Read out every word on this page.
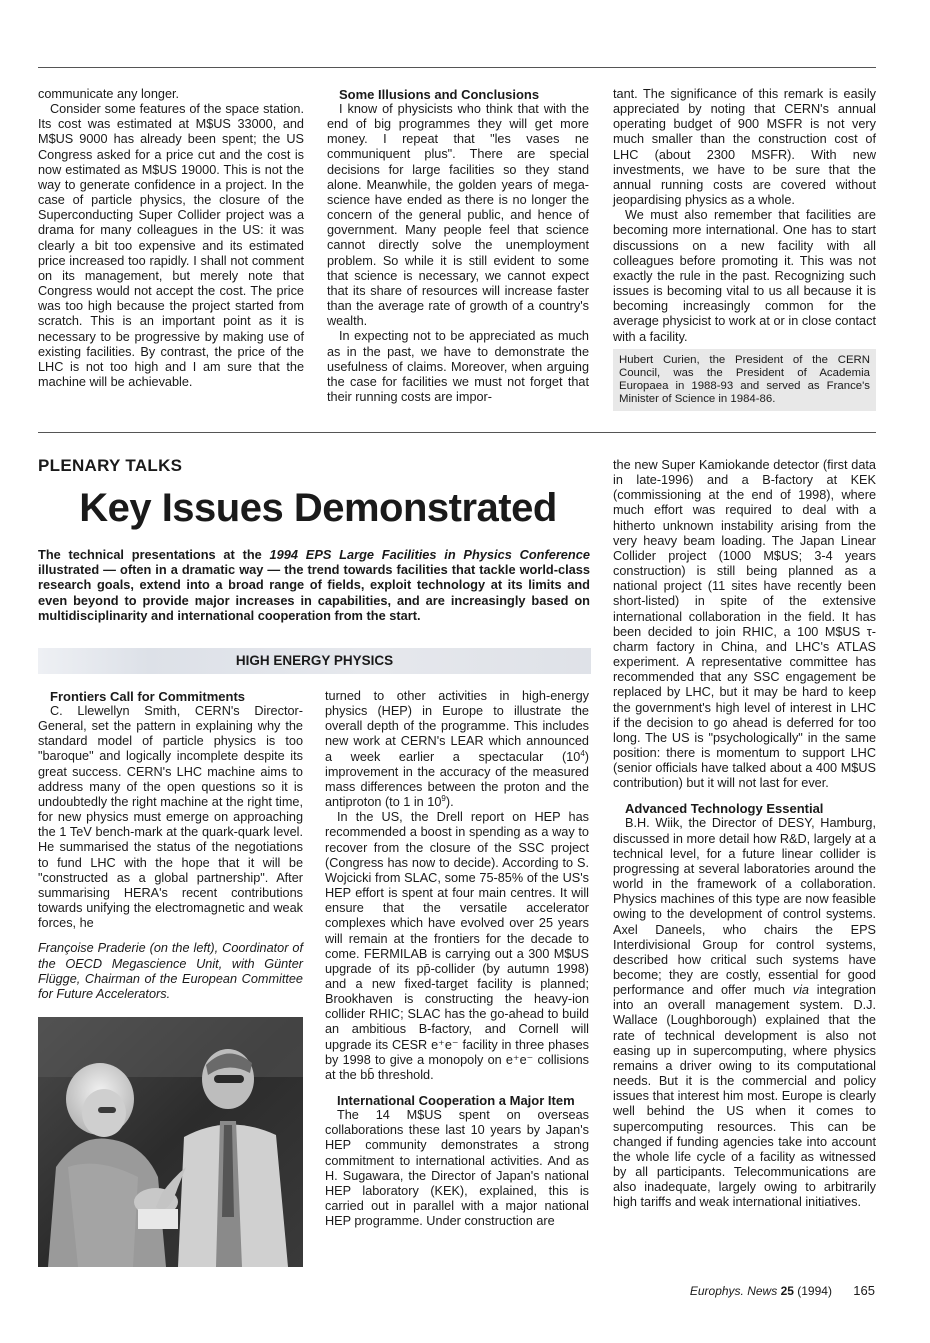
communicate any longer.

Consider some features of the space station. Its cost was estimated at M$US 33000, and M$US 9000 has already been spent; the US Congress asked for a price cut and the cost is now estimated as M$US 19000. This is not the way to generate confidence in a project. In the case of particle physics, the closure of the Superconducting Super Collider project was a drama for many colleagues in the US: it was clearly a bit too expensive and its estimated price increased too rapidly. I shall not comment on its management, but merely note that Congress would not accept the cost. The price was too high because the project started from scratch. This is an important point as it is necessary to be progressive by making use of existing facilities. By contrast, the price of the LHC is not too high and I am sure that the machine will be achievable.

Some Illusions and Conclusions

I know of physicists who think that with the end of big programmes they will get more money. I repeat that "les vases ne communiquent plus". There are special decisions for large facilities so they stand alone. Meanwhile, the golden years of mega-science have ended as there is no longer the concern of the general public, and hence of government. Many people feel that science cannot directly solve the unemployment problem. So while it is still evident to some that science is necessary, we cannot expect that its share of resources will increase faster than the average rate of growth of a country's wealth.

In expecting not to be appreciated as much as in the past, we have to demonstrate the usefulness of claims. Moreover, when arguing the case for facilities we must not forget that their running costs are impor-

tant. The significance of this remark is easily appreciated by noting that CERN's annual operating budget of 900 MSFR is not very much smaller than the construction cost of LHC (about 2300 MSFR). With new investments, we have to be sure that the annual running costs are covered without jeopardising physics as a whole.

We must also remember that facilities are becoming more international. One has to start discussions on a new facility with all colleagues before promoting it. This was not exactly the rule in the past. Recognizing such issues is becoming vital to us all because it is becoming increasingly common for the average physicist to work at or in close contact with a facility.

Hubert Curien, the President of the CERN Council, was the President of Academia Europaea in 1988-93 and served as France's Minister of Science in 1984-86.
PLENARY TALKS
Key Issues Demonstrated
The technical presentations at the 1994 EPS Large Facilities in Physics Conference illustrated — often in a dramatic way — the trend towards facilities that tackle world-class research goals, extend into a broad range of fields, exploit technology at its limits and even beyond to provide major increases in capabilities, and are increasingly based on multidisciplinarity and international cooperation from the start.
HIGH ENERGY PHYSICS

Frontiers Call for Commitments

C. Llewellyn Smith, CERN's Director-General, set the pattern in explaining why the standard model of particle physics is too "baroque" and logically incomplete despite its great success. CERN's LHC machine aims to address many of the open questions so it is undoubtedly the right machine at the right time, for new physics must emerge on approaching the 1 TeV bench-mark at the quark-quark level. He summarised the status of the negotiations to fund LHC with the hope that it will be "constructed as a global partnership". After summarising HERA's recent contributions towards unifying the electromagnetic and weak forces, he

Françoise Praderie (on the left), Coordinator of the OECD Megascience Unit, with Günter Flügge, Chairman of the European Committee for Future Accelerators.

turned to other activities in high-energy physics (HEP) in Europe to illustrate the overall depth of the programme. This includes new work at CERN's LEAR which announced a week earlier a spectacular $(10^4)$ improvement in the accuracy of the measured mass differences between the proton and the antiproton (to 1 in $10^9$).

In the US, the Drell report on HEP has recommended a boost in spending as a way to recover from the closure of the SSC project (Congress has now to decide). According to S. Wojcicki from SLAC, some 75-85% of the US's HEP effort is spent at four main centres. It will ensure that the versatile accelerator complexes which have evolved over 25 years will remain at the frontiers for the decade to come. FERMILAB is carrying out a 300 M$US upgrade of its pp̄-collider (by autumn 1998) and a new fixed-target facility is planned; Brookhaven is constructing the heavy-ion collider RHIC; SLAC has the go-ahead to build an ambitious B-factory, and Cornell will upgrade its CESR e⁺e⁻ facility in three phases by 1998 to give a monopoly on e⁺e⁻ collisions at the bb̄ threshold.

International Cooperation a Major Item

The 14 M$US spent on overseas collaborations these last 10 years by Japan's HEP community demonstrates a strong commitment to international activities. And as H. Sugawara, the Director of Japan's national HEP laboratory (KEK), explained, this is carried out in parallel with a major national HEP programme. Under construction are

the new Super Kamiokande detector (first data in late-1996) and a B-factory at KEK (commissioning at the end of 1998), where much effort was required to deal with a hitherto unknown instability arising from the very heavy beam loading. The Japan Linear Collider project (1000 M$US; 3-4 years construction) is still being planned as a national project (11 sites have recently been short-listed) in spite of the extensive international collaboration in the field. It has been decided to join RHIC, a 100 M$US τ-charm factory in China, and LHC's ATLAS experiment. A representative committee has recommended that any SSC engagement be replaced by LHC, but it may be hard to keep the government's high level of interest in LHC if the decision to go ahead is deferred for too long. The US is "psychologically" in the same position: there is momentum to support LHC (senior officials have talked about a 400 M$US contribution) but it will not last for ever.

Advanced Technology Essential

B.H. Wiik, the Director of DESY, Hamburg, discussed in more detail how R&D, largely at a technical level, for a future linear collider is progressing at several laboratories around the world in the framework of a collaboration. Physics machines of this type are now feasible owing to the development of control systems. Axel Daneels, who chairs the EPS Interdivisional Group for control systems, described how critical such systems have become; they are costly, essential for good performance and offer much via integration into an overall management system. D.J. Wallace (Loughborough) explained that the rate of technical development is also not easing up in supercomputing, where physics remains a driver owing to its computational needs. But it is the commercial and policy issues that interest him most. Europe is clearly well behind the US when it comes to supercomputing resources. This can be changed if funding agencies take into account the whole life cycle of a facility as witnessed by all participants. Telecommunications are also inadequate, largely owing to arbitrarily high tariffs and weak international initiatives.

Europhys. News 25 (1994) 165
